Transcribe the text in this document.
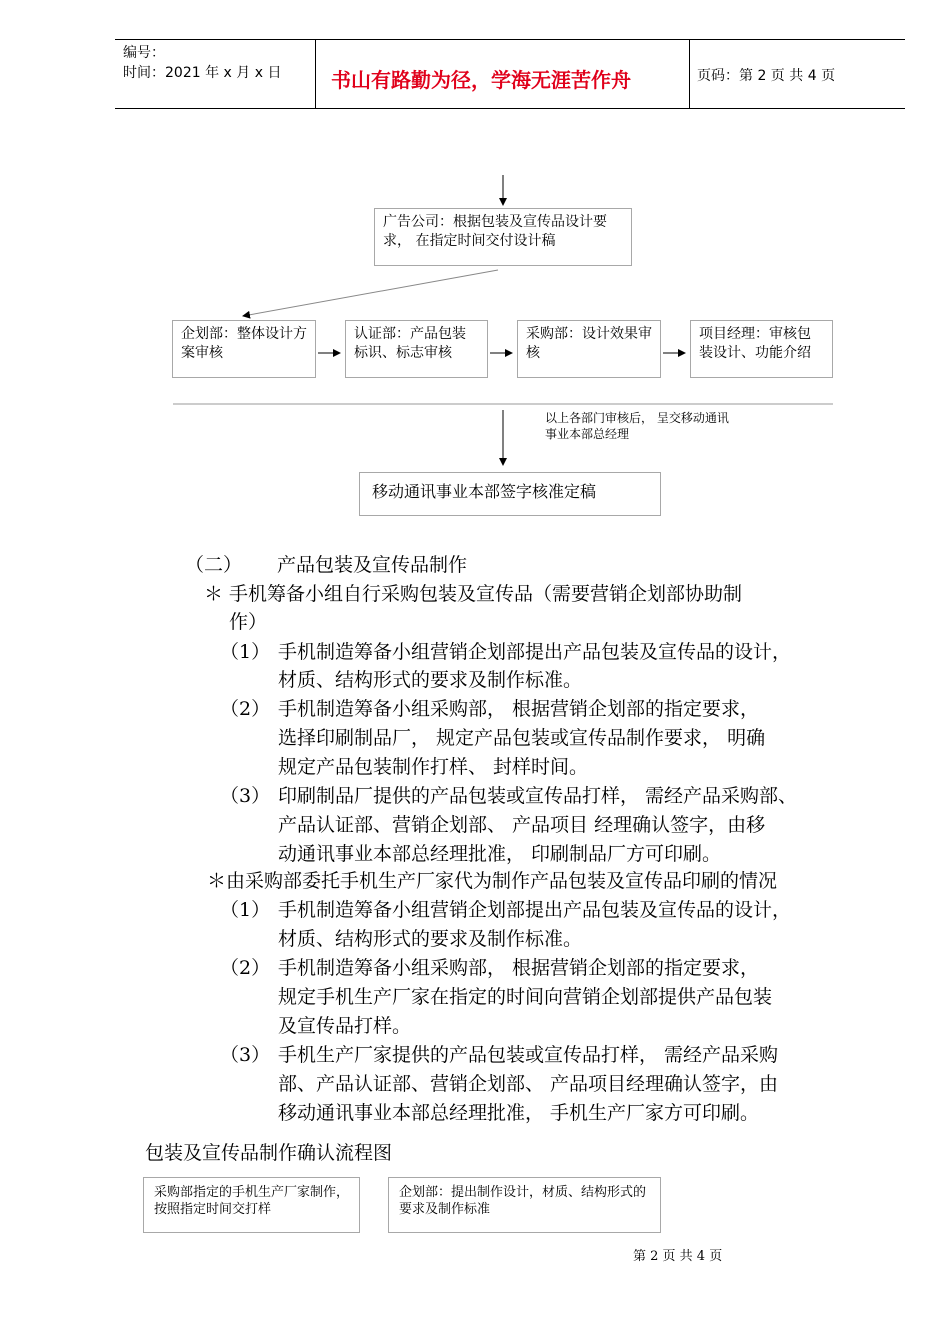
编号：
时间：2021 年 x 月 x 日 书山有路勤为径，学海无涯苦作舟	页码：第 2 页 共 4 页
广告公司：根据包装及宣传品设计要求， 在指定时间交付设计稿
企划部：整体设计方案审核
认证部：产品包装标识、标志审核
采购部：设计效果审核
项目经理：审核包装设计、功能介绍
以上各部门审核后， 呈交移动通讯事业本部总经理
移动通讯事业本部签字核准定稿
（二） 产品包装及宣传品制作
＊ 手机筹备小组自行采购包装及宣传品（需要营销企划部协助制
作）
（1） 手机制造筹备小组营销企划部提出产品包装及宣传品的设计，
材质、结构形式的要求及制作标准。
（2） 手机制造筹备小组采购部， 根据营销企划部的指定要求，
选择印刷制品厂， 规定产品包装或宣传品制作要求， 明确
规定产品包装制作打样、 封样时间。
（3） 印刷制品厂提供的产品包装或宣传品打样， 需经产品采购部、
产品认证部、营销企划部、 产品项目 经理确认签字，由移
动通讯事业本部总经理批准， 印刷制品厂方可印刷。
＊由采购部委托手机生产厂家代为制作产品包装及宣传品印刷的情况
（1） 手机制造筹备小组营销企划部提出产品包装及宣传品的设计，
材质、结构形式的要求及制作标准。
（2） 手机制造筹备小组采购部， 根据营销企划部的指定要求，
规定手机生产厂家在指定的时间向营销企划部提供产品包装
及宣传品打样。
（3） 手机生产厂家提供的产品包装或宣传品打样， 需经产品采购
部、产品认证部、营销企划部、 产品项目经理确认签字，由
移动通讯事业本部总经理批准， 手机生产厂家方可印刷。
包装及宣传品制作确认流程图
采购部指定的手机生产厂家制作， 按照指定时间交打样
企划部：提出制作设计，材质、结构形式的要求及制作标准
第 2 页 共 4 页
